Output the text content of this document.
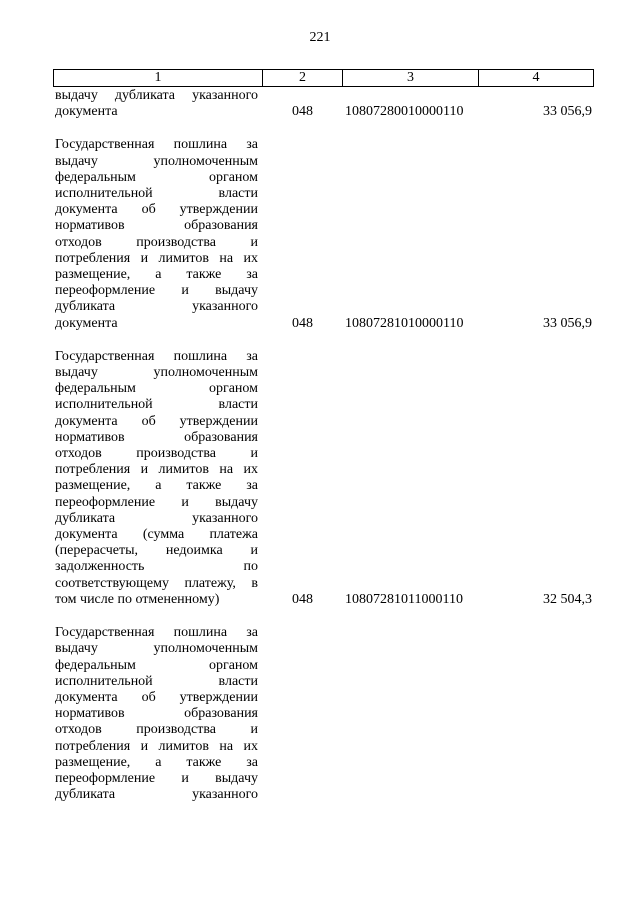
221
1	2	3	4
выдачу дубликата указанного
документа	048	10807280010000110	33 056,9
Государственная пошлина за
выдачу уполномоченным
федеральным органом
исполнительной власти
документа об утверждении
нормативов образования
отходов производства и
потребления и лимитов на их
размещение, а также за
переоформление и выдачу
дубликата указанного
документа	048	10807281010000110	33 056,9
Государственная пошлина за
выдачу уполномоченным
федеральным органом
исполнительной власти
документа об утверждении
нормативов образования
отходов производства и
потребления и лимитов на их
размещение, а также за
переоформление и выдачу
дубликата указанного
документа (сумма платежа
(перерасчеты, недоимка и
задолженность по
соответствующему платежу, в
том числе по отмененному)	048	10807281011000110	32 504,3
Государственная пошлина за
выдачу уполномоченным
федеральным органом
исполнительной власти
документа об утверждении
нормативов образования
отходов производства и
потребления и лимитов на их
размещение, а также за
переоформление и выдачу
дубликата указанного
